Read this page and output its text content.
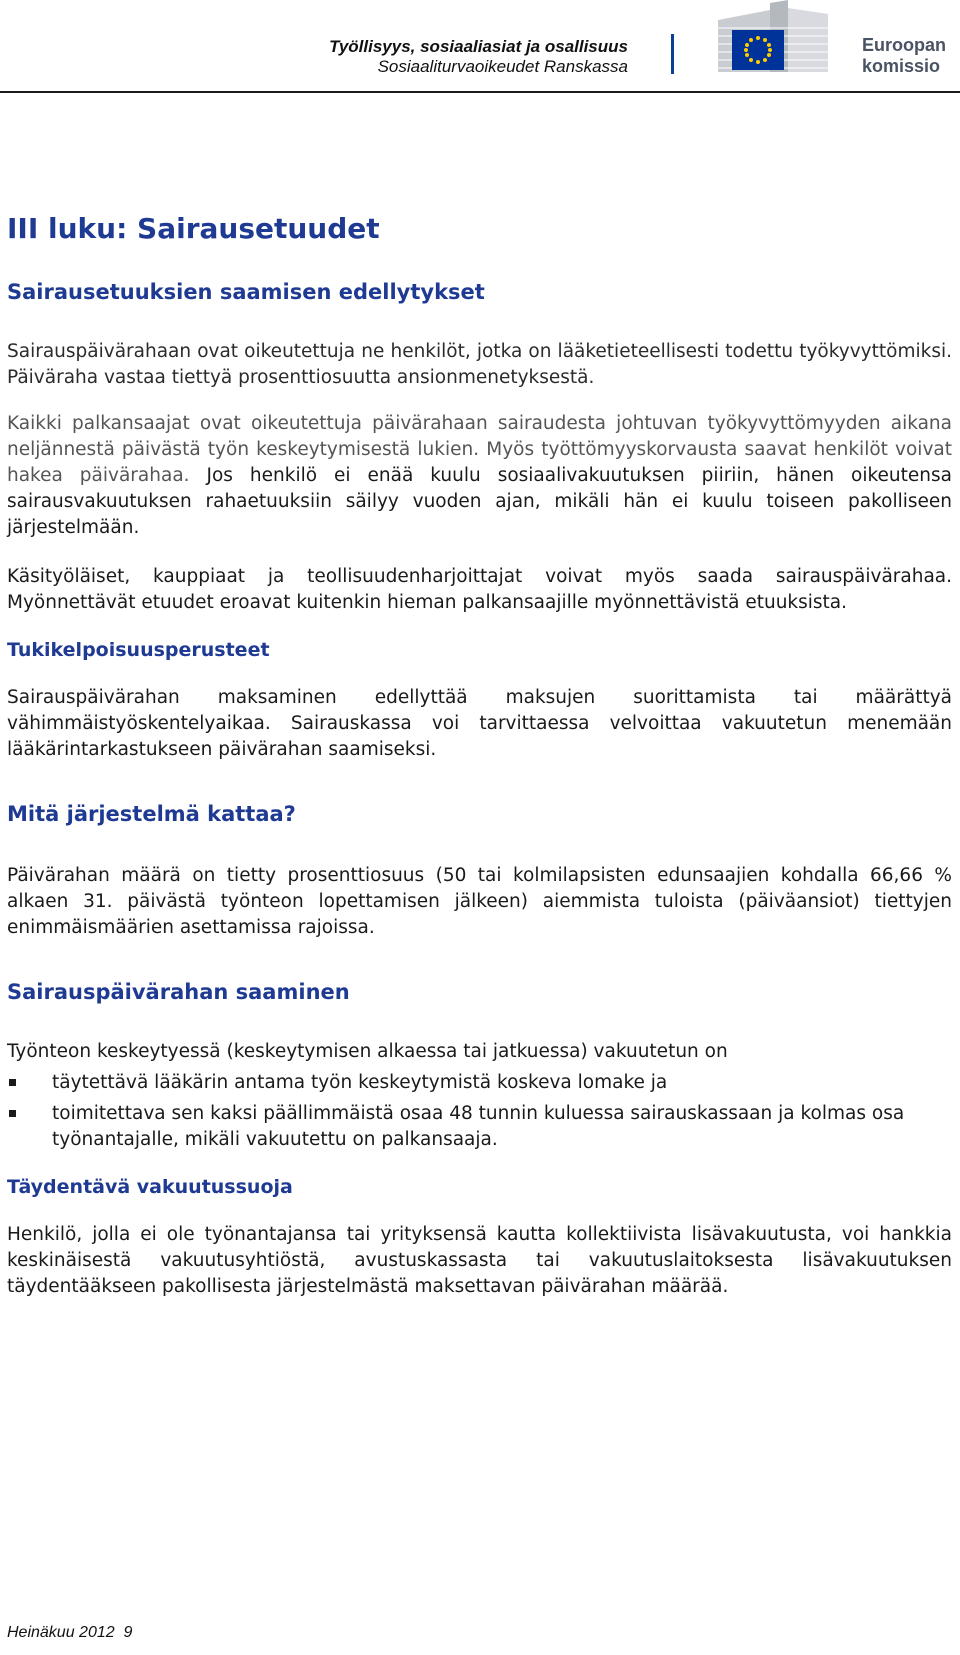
Työllisyys, sosiaaliasiat ja osallisuus
Sosiaaliturvaoikeudet Ranskassa
Euroopan
komissio
III luku: Sairausetuudet
Sairausetuuksien saamisen edellytykset

Sairauspäivärahaan ovat oikeutettuja ne henkilöt, jotka on lääketieteellisesti todettu työkyvyttömiksi. Päiväraha vastaa tiettyä prosenttiosuutta ansionmenetyksestä.

Kaikki palkansaajat ovat oikeutettuja päivärahaan sairaudesta johtuvan työkyvyttömyyden aikana neljännestä päivästä työn keskeytymisestä lukien. Myös työttömyyskorvausta saavat henkilöt voivat hakea päivärahaa. Jos henkilö ei enää kuulu sosiaalivakuutuksen piiriin, hänen oikeutensa sairausvakuutuksen rahaetuuksiin säilyy vuoden ajan, mikäli hän ei kuulu toiseen pakolliseen järjestelmään.

Käsityöläiset, kauppiaat ja teollisuudenharjoittajat voivat myös saada sairauspäivärahaa. Myönnettävät etuudet eroavat kuitenkin hieman palkansaajille myönnettävistä etuuksista.

Tukikelpoisuusperusteet

Sairauspäivärahan maksaminen edellyttää maksujen suorittamista tai määrättyä vähimmäistyöskentelyaikaa. Sairauskassa voi tarvittaessa velvoittaa vakuutetun menemään lääkärintarkastukseen päivärahan saamiseksi.

Mitä järjestelmä kattaa?

Päivärahan määrä on tietty prosenttiosuus (50 tai kolmilapsisten edunsaajien kohdalla 66,66 % alkaen 31. päivästä työnteon lopettamisen jälkeen) aiemmista tuloista (päiväansiot) tiettyjen enimmäismäärien asettamissa rajoissa.

Sairauspäivärahan saaminen

Työnteon keskeytyessä (keskeytymisen alkaessa tai jatkuessa) vakuutetun on

täytettävä lääkärin antama työn keskeytymistä koskeva lomake ja
toimitettava sen kaksi päällimmäistä osaa 48 tunnin kuluessa sairauskassaan ja kolmas osa työnantajalle, mikäli vakuutettu on palkansaaja.
Täydentävä vakuutussuoja

Henkilö, jolla ei ole työnantajansa tai yrityksensä kautta kollektiivista lisävakuutusta, voi hankkia keskinäisestä vakuutusyhtiöstä, avustuskassasta tai vakuutuslaitoksesta lisävakuutuksen täydentääkseen pakollisesta järjestelmästä maksettavan päivärahan määrää.

Heinäkuu 2012  9
